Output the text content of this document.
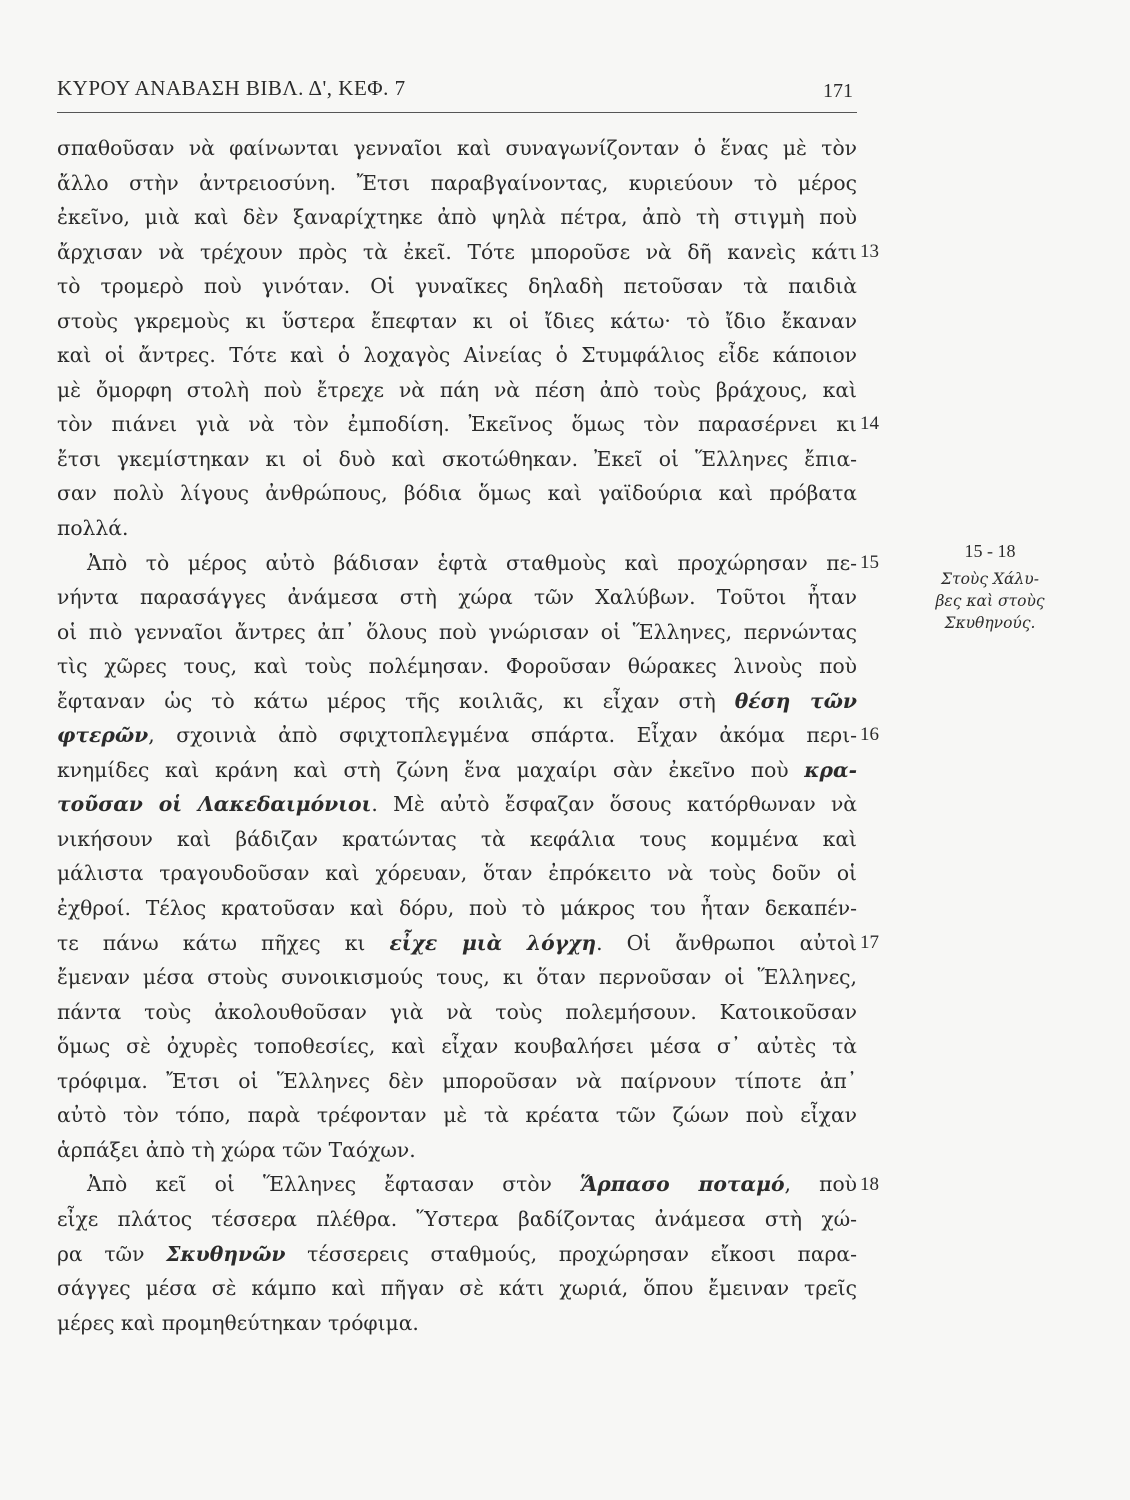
ΚΥΡΟΥ ΑΝΑΒΑΣΗ ΒΙΒΛ. Δ', ΚΕΦ. 7	171
σπαθοῦσαν νὰ φαίνωνται γενναῖοι καὶ συναγωνίζονταν ὁ ἕνας μὲ τὸν
ἄλλο στὴν ἀντρειοσύνη. Ἔτσι παραβγαίνοντας, κυριεύουν τὸ μέρος
ἐκεῖνο, μιὰ καὶ δὲν ξαναρίχτηκε ἀπὸ ψηλὰ πέτρα, ἀπὸ τὴ στιγμὴ ποὺ
ἄρχισαν νὰ τρέχουν πρὸς τὰ ἐκεῖ. Τότε μποροῦσε νὰ δῆ κανεὶς κάτι
τὸ τρομερὸ ποὺ γινόταν. Οἱ γυναῖκες δηλαδὴ πετοῦσαν τὰ παιδιὰ
στοὺς γκρεμοὺς κι ὕστερα ἔπεφταν κι οἱ ἴδιες κάτω· τὸ ἴδιο ἔκαναν
καὶ οἱ ἄντρες. Τότε καὶ ὁ λοχαγὸς Αἰνείας ὁ Στυμφάλιος εἶδε κάποιον
μὲ ὄμορφη στολὴ ποὺ ἔτρεχε νὰ πάη νὰ πέση ἀπὸ τοὺς βράχους, καὶ
τὸν πιάνει γιὰ νὰ τὸν ἐμποδίση. Ἐκεῖνος ὅμως τὸν παρασέρνει κι
ἔτσι γκεμίστηκαν κι οἱ δυὸ καὶ σκοτώθηκαν. Ἐκεῖ οἱ Ἕλληνες ἔπια-
σαν πολὺ λίγους ἀνθρώπους, βόδια ὅμως καὶ γαϊδούρια καὶ πρόβατα
πολλά.
Ἀπὸ τὸ μέρος αὐτὸ βάδισαν ἑφτὰ σταθμοὺς καὶ προχώρησαν πε-
νήντα παρασάγγες ἀνάμεσα στὴ χώρα τῶν Χαλύβων. Τοῦτοι ἦταν
οἱ πιὸ γενναῖοι ἄντρες ἀπ᾽ ὅλους ποὺ γνώρισαν οἱ Ἕλληνες, περνώντας
τὶς χῶρες τους, καὶ τοὺς πολέμησαν. Φοροῦσαν θώρακες λινοὺς ποὺ
ἔφταναν ὡς τὸ κάτω μέρος τῆς κοιλιᾶς, κι εἶχαν στὴ θέση τῶν
φτερῶν, σχοινιὰ ἀπὸ σφιχτοπλεγμένα σπάρτα. Εἶχαν ἀκόμα περι-
κνημίδες καὶ κράνη καὶ στὴ ζώνη ἕνα μαχαίρι σὰν ἐκεῖνο ποὺ κρα-
τοῦσαν οἱ Λακεδαιμόνιοι. Μὲ αὐτὸ ἔσφαζαν ὅσους κατόρθωναν νὰ
νικήσουν καὶ βάδιζαν κρατώντας τὰ κεφάλια τους κομμένα καὶ
μάλιστα τραγουδοῦσαν καὶ χόρευαν, ὅταν ἐπρόκειτο νὰ τοὺς δοῦν οἱ
ἐχθροί. Τέλος κρατοῦσαν καὶ δόρυ, ποὺ τὸ μάκρος του ἦταν δεκαπέν-
τε πάνω κάτω πῆχες κι εἶχε μιὰ λόγχη. Οἱ ἄνθρωποι αὐτοὶ
ἔμεναν μέσα στοὺς συνοικισμούς τους, κι ὅταν περνοῦσαν οἱ Ἕλληνες,
πάντα τοὺς ἀκολουθοῦσαν γιὰ νὰ τοὺς πολεμήσουν. Κατοικοῦσαν
ὅμως σὲ ὀχυρὲς τοποθεσίες, καὶ εἶχαν κουβαλήσει μέσα σ᾽ αὐτὲς τὰ
τρόφιμα. Ἔτσι οἱ Ἕλληνες δὲν μποροῦσαν νὰ παίρνουν τίποτε ἀπ᾽
αὐτὸ τὸν τόπο, παρὰ τρέφονταν μὲ τὰ κρέατα τῶν ζώων ποὺ εἶχαν
ἁρπάξει ἀπὸ τὴ χώρα τῶν Ταόχων.
Ἀπὸ κεῖ οἱ Ἕλληνες ἔφτασαν στὸν Ἅρπασο ποταμό, ποὺ
εἶχε πλάτος τέσσερα πλέθρα. Ὕστερα βαδίζοντας ἀνάμεσα στὴ χώ-
ρα τῶν Σκυθηνῶν τέσσερεις σταθμούς, προχώρησαν εἴκοσι παρα-
σάγγες μέσα σὲ κάμπο καὶ πῆγαν σὲ κάτι χωριά, ὅπου ἔμειναν τρεῖς
μέρες καὶ προμηθεύτηκαν τρόφιμα.
13
14
15
16
17
18
15 - 18
Στοὺς Χάλυ-
βες καὶ στοὺς
Σκυθηνούς.
